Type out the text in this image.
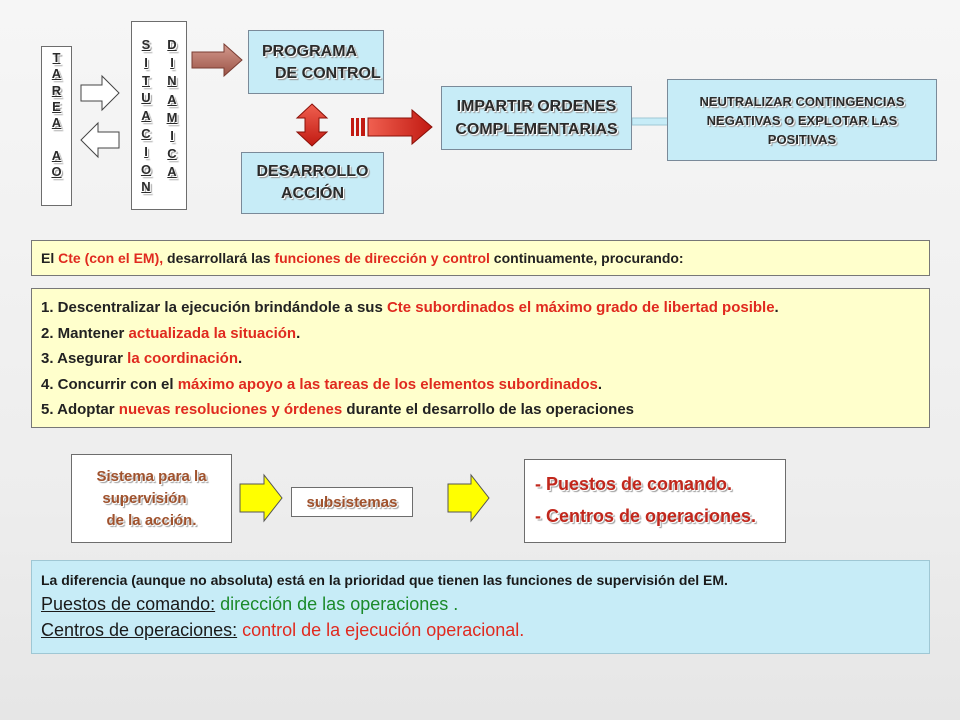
T
A
R
E
A
A
O
S
I
T
U
A
C
I
O
N
D
I
N
A
M
I
C
A
PROGRAMA
DE CONTROL
DESARROLLO
ACCIÓN
IMPARTIR ORDENES
COMPLEMENTARIAS
NEUTRALIZAR CONTINGENCIAS
NEGATIVAS O EXPLOTAR LAS
POSITIVAS
El Cte (con el EM), desarrollará las funciones de dirección y control continuamente, procurando:
1. Descentralizar la ejecución brindándole a sus Cte subordinados el máximo grado de libertad posible.
2. Mantener actualizada la situación.
3. Asegurar la coordinación.
4. Concurrir con el máximo apoyo a las tareas de los elementos subordinados.
5. Adoptar nuevas resoluciones y órdenes durante el desarrollo de las operaciones
Sistema para la
supervisión
de la acción.
subsistemas
- Puestos de comando.
- Centros de operaciones.
La diferencia (aunque no absoluta) está en la prioridad que tienen las funciones de supervisión del EM.
Puestos de comando: dirección de las operaciones .
Centros de operaciones: control de la ejecución operacional.
